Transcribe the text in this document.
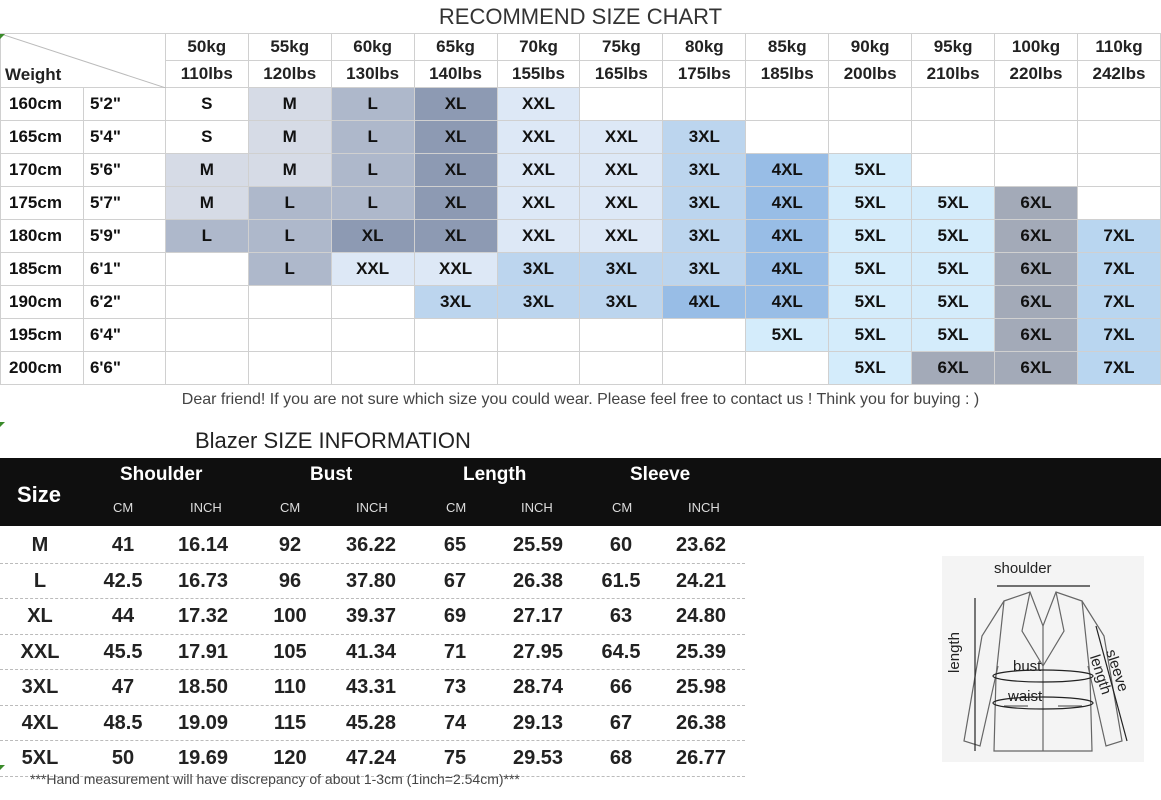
RECOMMEND SIZE CHART
Weight		50kg	55kg	60kg	65kg	70kg	75kg	80kg	85kg	90kg	95kg	100kg	110kg
		110lbs	120lbs	130lbs	140lbs	155lbs	165lbs	175lbs	185lbs	200lbs	210lbs	220lbs	242lbs
160cm	5'2"	S	M	L	XL	XXL							
165cm	5'4"	S	M	L	XL	XXL	XXL	3XL					
170cm	5'6"	M	M	L	XL	XXL	XXL	3XL	4XL	5XL			
175cm	5'7"	M	L	L	XL	XXL	XXL	3XL	4XL	5XL	5XL	6XL	
180cm	5'9"	L	L	XL	XL	XXL	XXL	3XL	4XL	5XL	5XL	6XL	7XL
185cm	6'1"		L	XXL	XXL	3XL	3XL	3XL	4XL	5XL	5XL	6XL	7XL
190cm	6'2"				3XL	3XL	3XL	4XL	4XL	5XL	5XL	6XL	7XL
195cm	6'4"								5XL	5XL	5XL	6XL	7XL
200cm	6'6"									5XL	6XL	6XL	7XL
Dear friend! If you are not sure which size you could wear. Please feel free to contact us ! Think you for buying : )													
Blazer SIZE INFORMATION
Size
Shoulder	Bust	Length	Sleeve
CM	INCH	CM	INCH	CM	INCH	CM	INCH
M	41	16.14	92	36.22	65	25.59	60	23.62
L	42.5	16.73	96	37.80	67	26.38	61.5	24.21
XL	44	17.32	100	39.37	69	27.17	63	24.80
XXL	45.5	17.91	105	41.34	71	27.95	64.5	25.39
3XL	47	18.50	110	43.31	73	28.74	66	25.98
4XL	48.5	19.09	115	45.28	74	29.13	67	26.38
5XL	50	19.69	120	47.24	75	29.53	68	26.77
***Hand measurement will have discrepancy of about 1-3cm (1inch=2.54cm)***
shoulder
length	bust
waist
sleeve length
